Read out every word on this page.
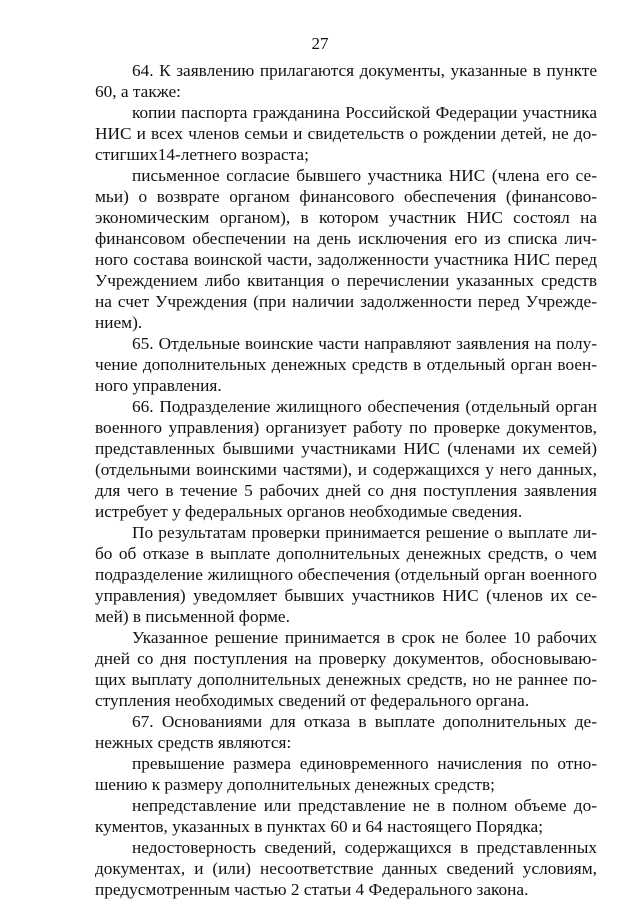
27

64. К заявлению прилагаются документы, указанные в пункте 60, а также:

копии паспорта гражданина Российской Федерации участника НИС и всех членов семьи и свидетельств о рождении детей, не достигших14-летнего возраста;

письменное согласие бывшего участника НИС (члена его семьи) о возврате органом финансового обеспечения (финансово-экономическим органом), в котором участник НИС состоял на финансовом обеспечении на день исключения его из списка личного состава воинской части, задолженности участника НИС перед Учреждением либо квитанция о перечислении указанных средств на счет Учреждения (при наличии задолженности перед Учреждением).

65. Отдельные воинские части направляют заявления на получение дополнительных денежных средств в отдельный орган военного управления.

66. Подразделение жилищного обеспечения (отдельный орган военного управления) организует работу по проверке документов, представленных бывшими участниками НИС (членами их семей) (отдельными воинскими частями), и содержащихся у него данных, для чего в течение 5 рабочих дней со дня поступления заявления истребует у федеральных органов необходимые сведения.

По результатам проверки принимается решение о выплате либо об отказе в выплате дополнительных денежных средств, о чем подразделение жилищного обеспечения (отдельный орган военного управления) уведомляет бывших участников НИС (членов их семей) в письменной форме.

Указанное решение принимается в срок не более 10 рабочих дней со дня поступления на проверку документов, обосновывающих выплату дополнительных денежных средств, но не раннее поступления необходимых сведений от федерального органа.

67. Основаниями для отказа в выплате дополнительных денежных средств являются:

превышение размера единовременного начисления по отношению к размеру дополнительных денежных средств;

непредставление или представление не в полном объеме документов, указанных в пунктах 60 и 64 настоящего Порядка;

недостоверность сведений, содержащихся в представленных документах, и (или) несоответствие данных сведений условиям, предусмотренным частью 2 статьи 4 Федерального закона.
